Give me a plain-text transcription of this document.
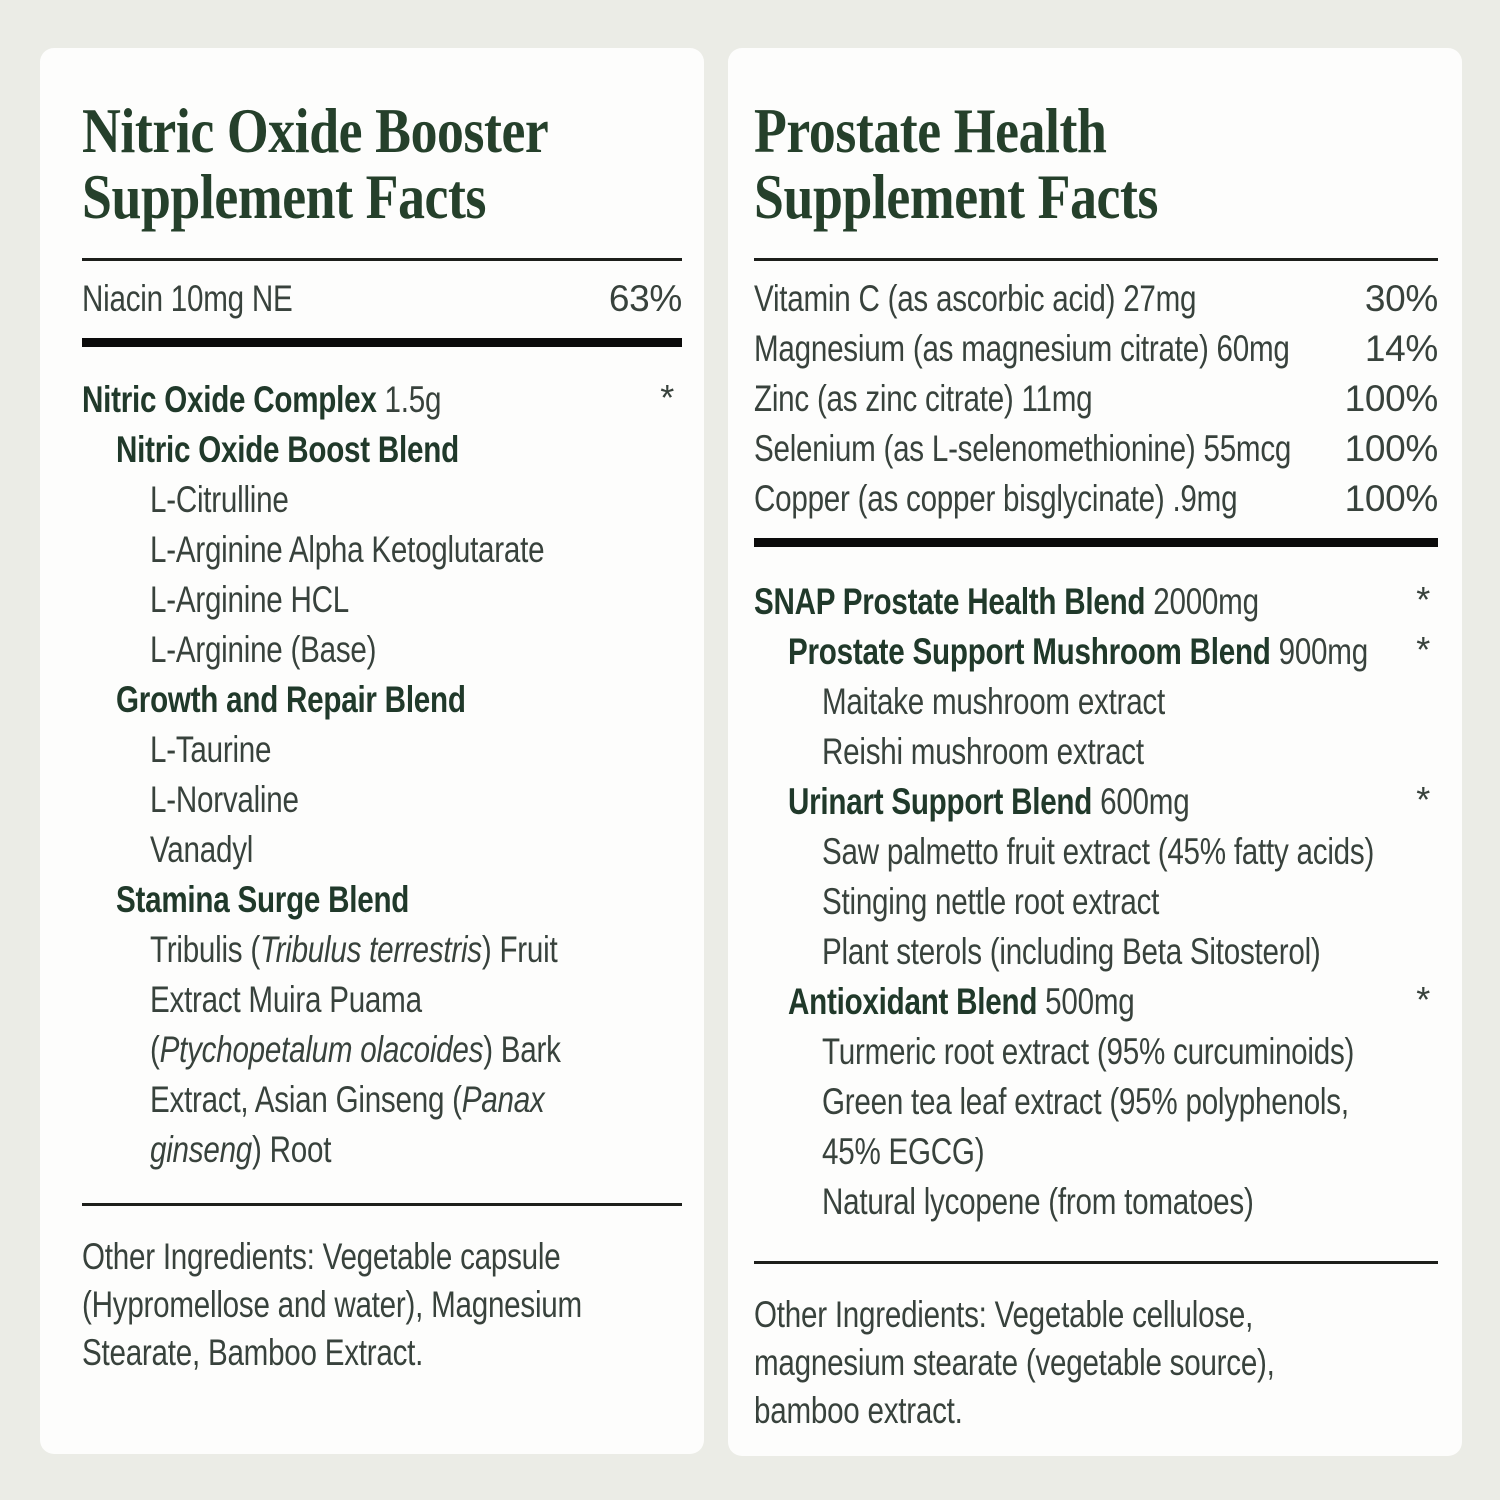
Nitric Oxide Booster
Supplement Facts
Niacin 10mg NE	63%
Nitric Oxide Complex 1.5g	*
Nitric Oxide Boost Blend
L-Citrulline
L-Arginine Alpha Ketoglutarate
L-Arginine HCL
L-Arginine (Base)
Growth and Repair Blend
L-Taurine
L-Norvaline
Vanadyl
Stamina Surge Blend
Tribulis (Tribulus terrestris) Fruit
Extract Muira Puama
(Ptychopetalum olacoides) Bark
Extract, Asian Ginseng (Panax
ginseng) Root

Other Ingredients: Vegetable capsule
(Hypromellose and water), Magnesium
Stearate, Bamboo Extract.

Prostate Health
Supplement Facts
Vitamin C (as ascorbic acid) 27mg	30%
Magnesium (as magnesium citrate) 60mg 14%
Zinc (as zinc citrate) 11mg	100%
Selenium (as L-selenomethionine) 55mcg 100%
Copper (as copper bisglycinate) .9mg	100%
SNAP Prostate Health Blend 2000mg	*
Prostate Support Mushroom Blend 900mg *
Maitake mushroom extract
Reishi mushroom extract
Urinart Support Blend 600mg	*
Saw palmetto fruit extract (45% fatty acids)
Stinging nettle root extract
Plant sterols (including Beta Sitosterol)
Antioxidant Blend 500mg	*
Turmeric root extract (95% curcuminoids)
Green tea leaf extract (95% polyphenols,
45% EGCG)
Natural lycopene (from tomatoes)

Other Ingredients: Vegetable cellulose,
magnesium stearate (vegetable source),
bamboo extract.
